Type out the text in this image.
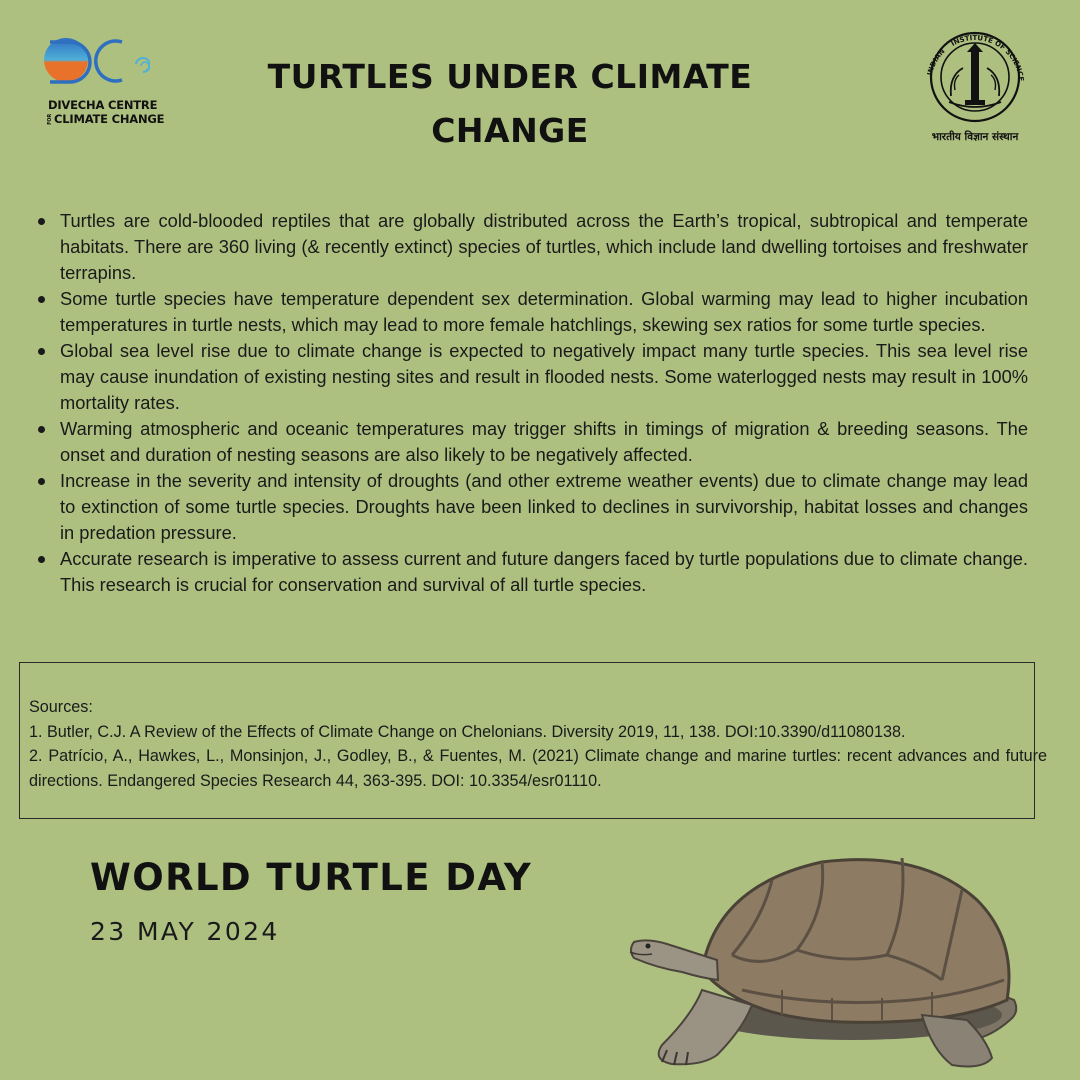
DIVECHA CENTRE
FORCLIMATE CHANGE
TURTLES UNDER CLIMATE CHANGE
INDIAN
INSTITUTE OF
SCIENCE
भारतीय विज्ञान संस्थान
Turtles are cold-blooded reptiles that are globally distributed across the Earth’s tropical, subtropical and temperate habitats. There are 360 living (& recently extinct) species of turtles, which include land dwelling tortoises and freshwater terrapins.
Some turtle species have temperature dependent sex determination. Global warming may lead to higher incubation temperatures in turtle nests, which may lead to more female hatchlings, skewing sex ratios for some turtle species.
Global sea level rise due to climate change is expected to negatively impact many turtle species. This sea level rise may cause inundation of existing nesting sites and result in flooded nests. Some waterlogged nests may result in 100% mortality rates.
Warming atmospheric and oceanic temperatures may trigger shifts in timings of migration & breeding seasons. The onset and duration of nesting seasons are also likely to be negatively affected.
Increase in the severity and intensity of droughts (and other extreme weather events) due to climate change may lead to extinction of some turtle species. Droughts have been linked to declines in survivorship, habitat losses and changes in predation pressure.
Accurate research is imperative to assess current and future dangers faced by turtle populations due to climate change. This research is crucial for conservation and survival of all turtle species.
Sources:
1. Butler, C.J. A Review of the Effects of Climate Change on Chelonians. Diversity 2019, 11, 138. DOI:10.3390/d11080138.
2. Patrício, A., Hawkes, L., Monsinjon, J., Godley, B., & Fuentes, M. (2021) Climate change and marine turtles: recent advances and future directions. Endangered Species Research 44, 363-395. DOI: 10.3354/esr01110.
WORLD TURTLE DAY
23 MAY 2024
